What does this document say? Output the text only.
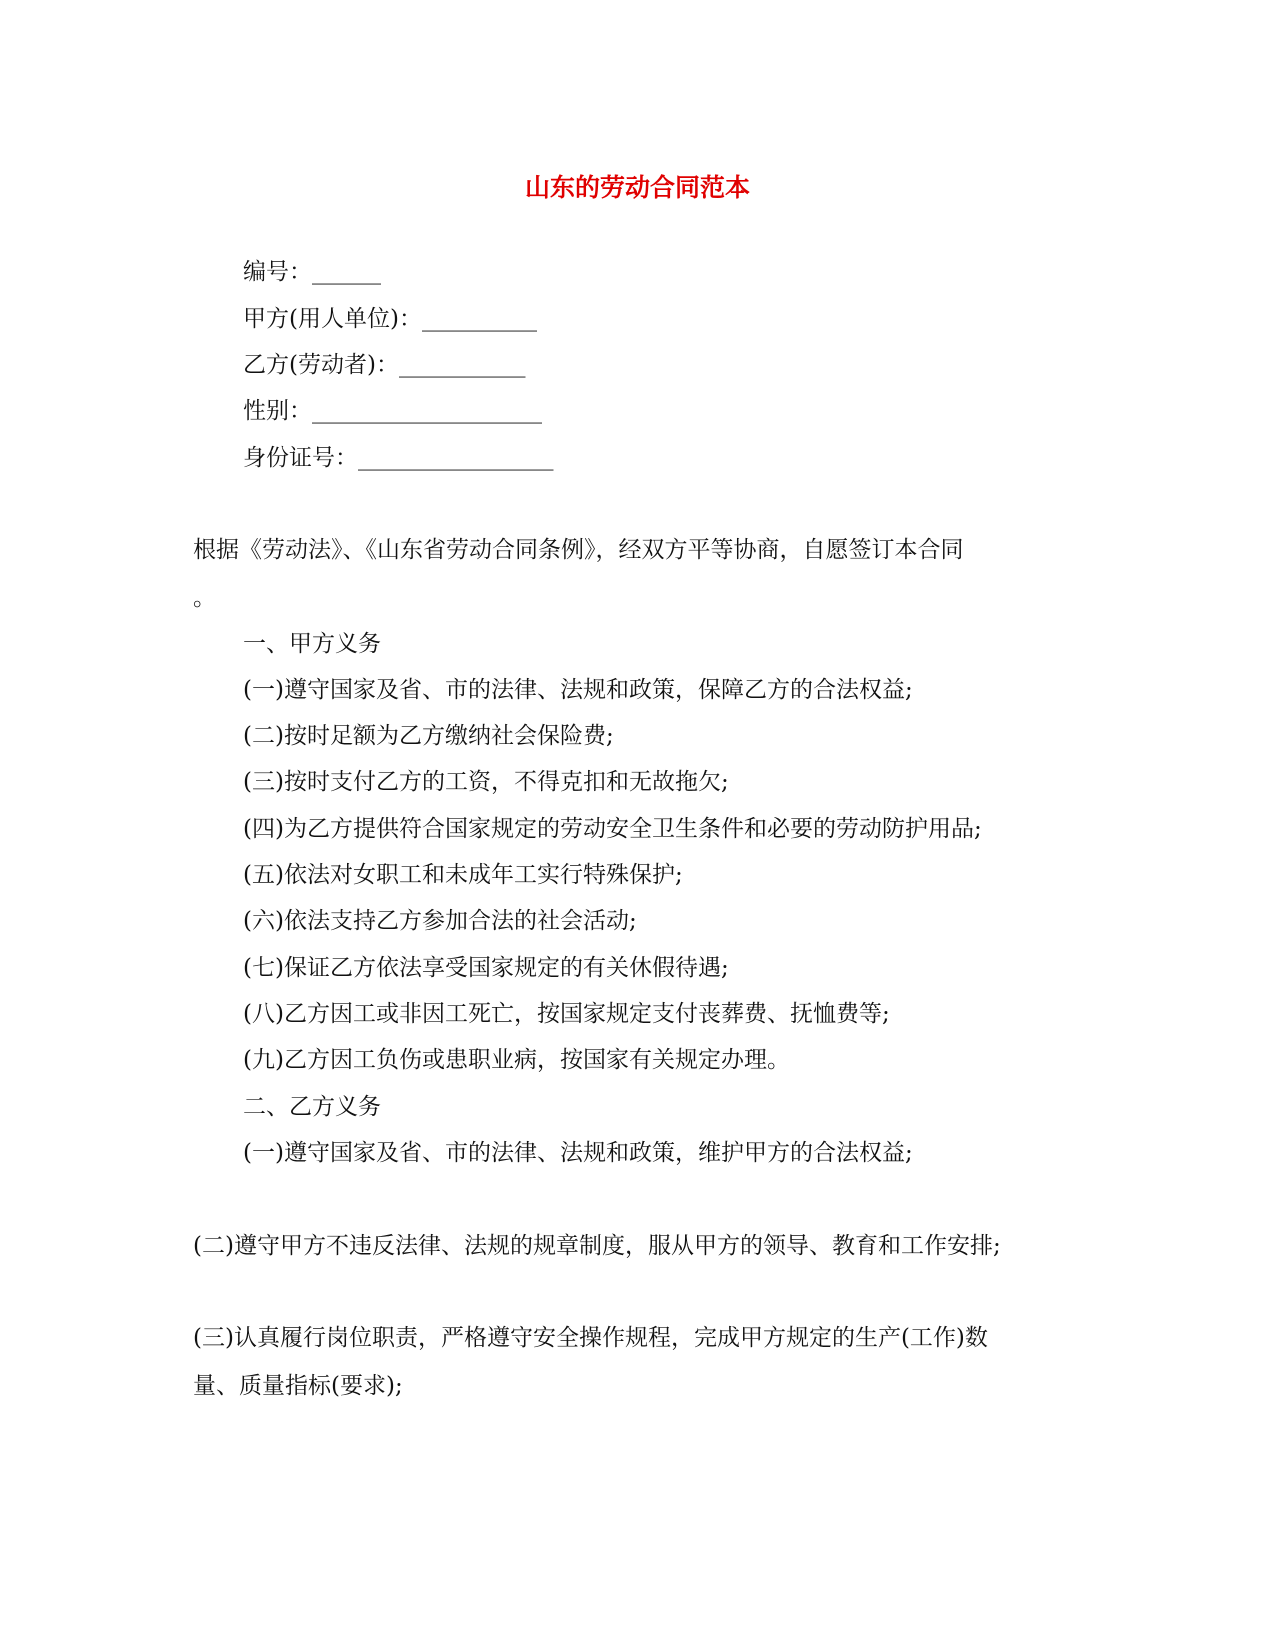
山东的劳动合同范本
编号：______
甲方(用人单位)：__________
乙方(劳动者)：___________
性别：____________________
身份证号：_________________
根据《劳动法》、《山东省劳动合同条例》，经双方平等协商，自愿签订本合同
。
一、甲方义务
(一)遵守国家及省、市的法律、法规和政策，保障乙方的合法权益;
(二)按时足额为乙方缴纳社会保险费;
(三)按时支付乙方的工资，不得克扣和无故拖欠;
(四)为乙方提供符合国家规定的劳动安全卫生条件和必要的劳动防护用品;
(五)依法对女职工和未成年工实行特殊保护;
(六)依法支持乙方参加合法的社会活动;
(七)保证乙方依法享受国家规定的有关休假待遇;
(八)乙方因工或非因工死亡，按国家规定支付丧葬费、抚恤费等;
(九)乙方因工负伤或患职业病，按国家有关规定办理。
二、乙方义务
(一)遵守国家及省、市的法律、法规和政策，维护甲方的合法权益;
(二)遵守甲方不违反法律、法规的规章制度，服从甲方的领导、教育和工作安排;
(三)认真履行岗位职责，严格遵守安全操作规程，完成甲方规定的生产(工作)数
量、质量指标(要求);
